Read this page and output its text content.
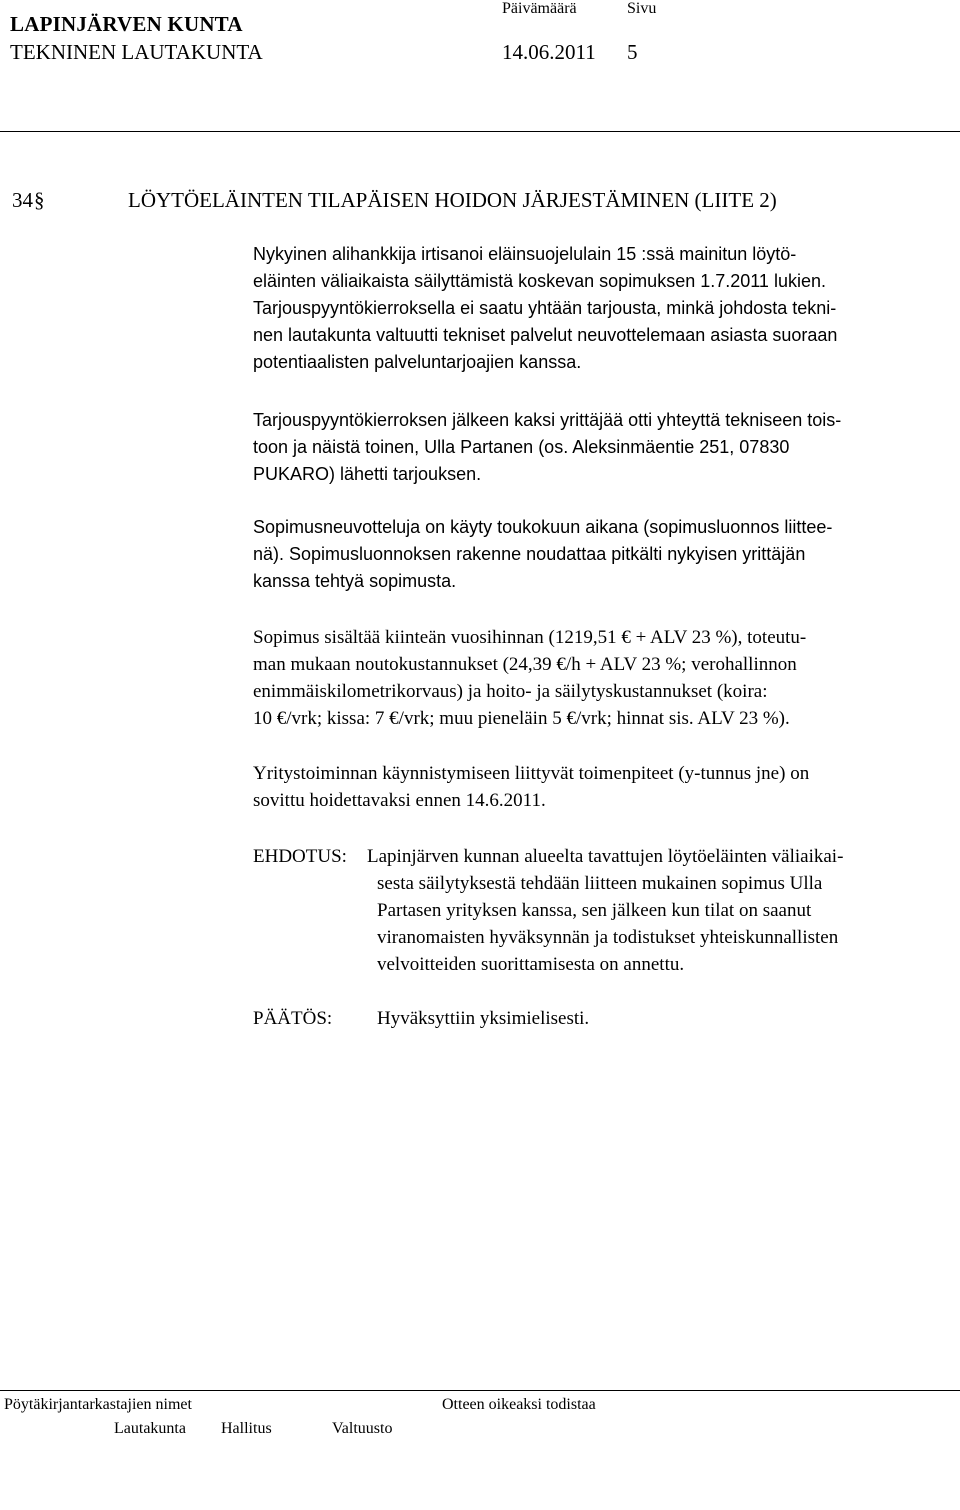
LAPINJÄRVEN KUNTA
TEKNINEN LAUTAKUNTA
Päivämäärä	Sivu
14.06.2011 5
34 §	LÖYTÖELÄINTEN TILAPÄISEN HOIDON JÄRJESTÄMINEN (LIITE 2)

Nykyinen alihankkija irtisanoi eläinsuojelulain 15 :ssä mainitun löytö-
eläinten väliaikaista säilyttämistä koskevan sopimuksen 1.7.2011 lukien.
Tarjouspyyntökierroksella ei saatu yhtään tarjousta, minkä johdosta tekni-
nen lautakunta valtuutti tekniset palvelut neuvottelemaan asiasta suoraan
potentiaalisten palveluntarjoajien kanssa.

Tarjouspyyntökierroksen jälkeen kaksi yrittäjää otti yhteyttä tekniseen tois-
toon ja näistä toinen, Ulla Partanen (os. Aleksinmäentie 251, 07830
PUKARO) lähetti tarjouksen.

Sopimusneuvotteluja on käyty toukokuun aikana (sopimusluonnos liittee-
nä). Sopimusluonnoksen rakenne noudattaa pitkälti nykyisen yrittäjän
kanssa tehtyä sopimusta.

Sopimus sisältää kiinteän vuosihinnan (1219,51 € + ALV 23 %), toteutu-
man mukaan noutokustannukset (24,39 €/h + ALV 23 %; verohallinnon
enimmäiskilometrikorvaus) ja hoito- ja säilytyskustannukset (koira:
10 €/vrk; kissa: 7 €/vrk; muu pieneläin 5 €/vrk; hinnat sis. ALV 23 %).

Yritystoiminnan käynnistymiseen liittyvät toimenpiteet (y-tunnus jne) on
sovittu hoidettavaksi ennen 14.6.2011.

EHDOTUS: Lapinjärven kunnan alueelta tavattujen löytöeläinten väliaikai-
sesta säilytyksestä tehdään liitteen mukainen sopimus Ulla
Partasen yrityksen kanssa, sen jälkeen kun tilat on saanut
viranomaisten hyväksynnän ja todistukset yhteiskunnallisten
velvoitteiden suorittamisesta on annettu.

PÄÄTÖS: Hyväksyttiin yksimielisesti.
Pöytäkirjantarkastajien nimet	Otteen oikeaksi todistaa
Lautakunta Hallitus	Valtuusto
